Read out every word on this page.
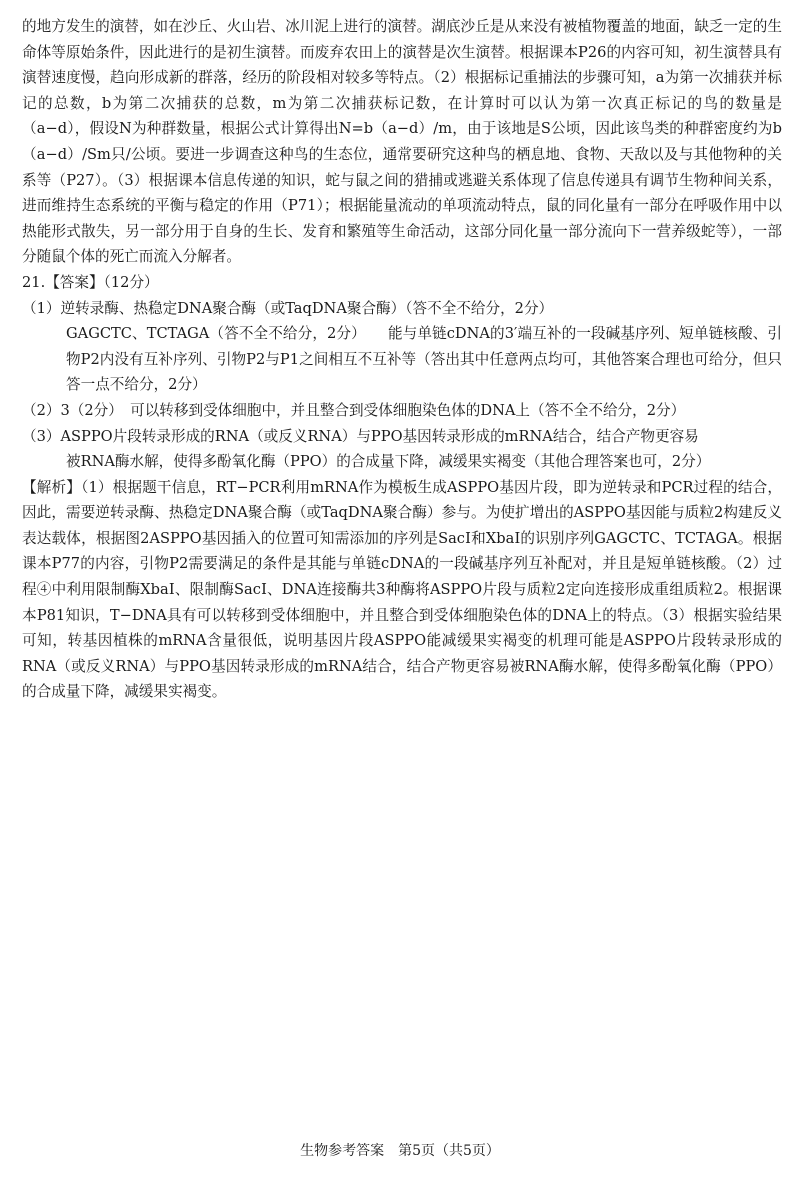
的地方发生的演替，如在沙丘、火山岩、冰川泥上进行的演替。湖底沙丘是从来没有被植物覆盖的地面，缺乏一定的生命体等原始条件，因此进行的是初生演替。而废弃农田上的演替是次生演替。根据课本P26的内容可知，初生演替具有演替速度慢，趋向形成新的群落，经历的阶段相对较多等特点。（2）根据标记重捕法的步骤可知，a为第一次捕获并标记的总数，b为第二次捕获的总数，m为第二次捕获标记数，在计算时可以认为第一次真正标记的鸟的数量是（a−d），假设N为种群数量，根据公式计算得出N=b（a−d）/m，由于该地是S公顷，因此该鸟类的种群密度约为b（a−d）/Sm只/公顷。要进一步调查这种鸟的生态位，通常要研究这种鸟的栖息地、食物、天敌以及与其他物种的关系等（P27）。（3）根据课本信息传递的知识，蛇与鼠之间的猎捕或逃避关系体现了信息传递具有调节生物种间关系，进而维持生态系统的平衡与稳定的作用（P71）；根据能量流动的单项流动特点，鼠的同化量有一部分在呼吸作用中以热能形式散失，另一部分用于自身的生长、发育和繁殖等生命活动，这部分同化量一部分流向下一营养级蛇等），一部分随鼠个体的死亡而流入分解者。

21.【答案】（12分）

（1）逆转录酶、热稳定DNA聚合酶（或TaqDNA聚合酶）（答不全不给分，2分）

GAGCTC、TCTAGA（答不全不给分，2分）　　能与单链cDNA的3′端互补的一段碱基序列、短单链核酸、引物P2内没有互补序列、引物P2与P1之间相互不互补等（答出其中任意两点均可，其他答案合理也可给分，但只答一点不给分，2分）

（2）3（2分）　可以转移到受体细胞中，并且整合到受体细胞染色体的DNA上（答不全不给分，2分）

（3）ASPPO片段转录形成的RNA（或反义RNA）与PPO基因转录形成的mRNA结合，结合产物更容易

被RNA酶水解，使得多酚氧化酶（PPO）的合成量下降，减缓果实褐变（其他合理答案也可，2分）

【解析】（1）根据题干信息，RT−PCR利用mRNA作为模板生成ASPPO基因片段，即为逆转录和PCR过程的结合，因此，需要逆转录酶、热稳定DNA聚合酶（或TaqDNA聚合酶）参与。为使扩增出的ASPPO基因能与质粒2构建反义表达载体，根据图2ASPPO基因插入的位置可知需添加的序列是SacⅠ和XbaⅠ的识别序列GAGCTC、TCTAGA。根据课本P77的内容，引物P2需要满足的条件是其能与单链cDNA的一段碱基序列互补配对，并且是短单链核酸。（2）过程④中利用限制酶XbaⅠ、限制酶SacⅠ、DNA连接酶共3种酶将ASPPO片段与质粒2定向连接形成重组质粒2。根据课本P81知识，T−DNA具有可以转移到受体细胞中，并且整合到受体细胞染色体的DNA上的特点。（3）根据实验结果可知，转基因植株的mRNA含量很低，说明基因片段ASPPO能减缓果实褐变的机理可能是ASPPO片段转录形成的RNA（或反义RNA）与PPO基因转录形成的mRNA结合，结合产物更容易被RNA酶水解，使得多酚氧化酶（PPO）的合成量下降，减缓果实褐变。

生物参考答案　第5页（共5页）
